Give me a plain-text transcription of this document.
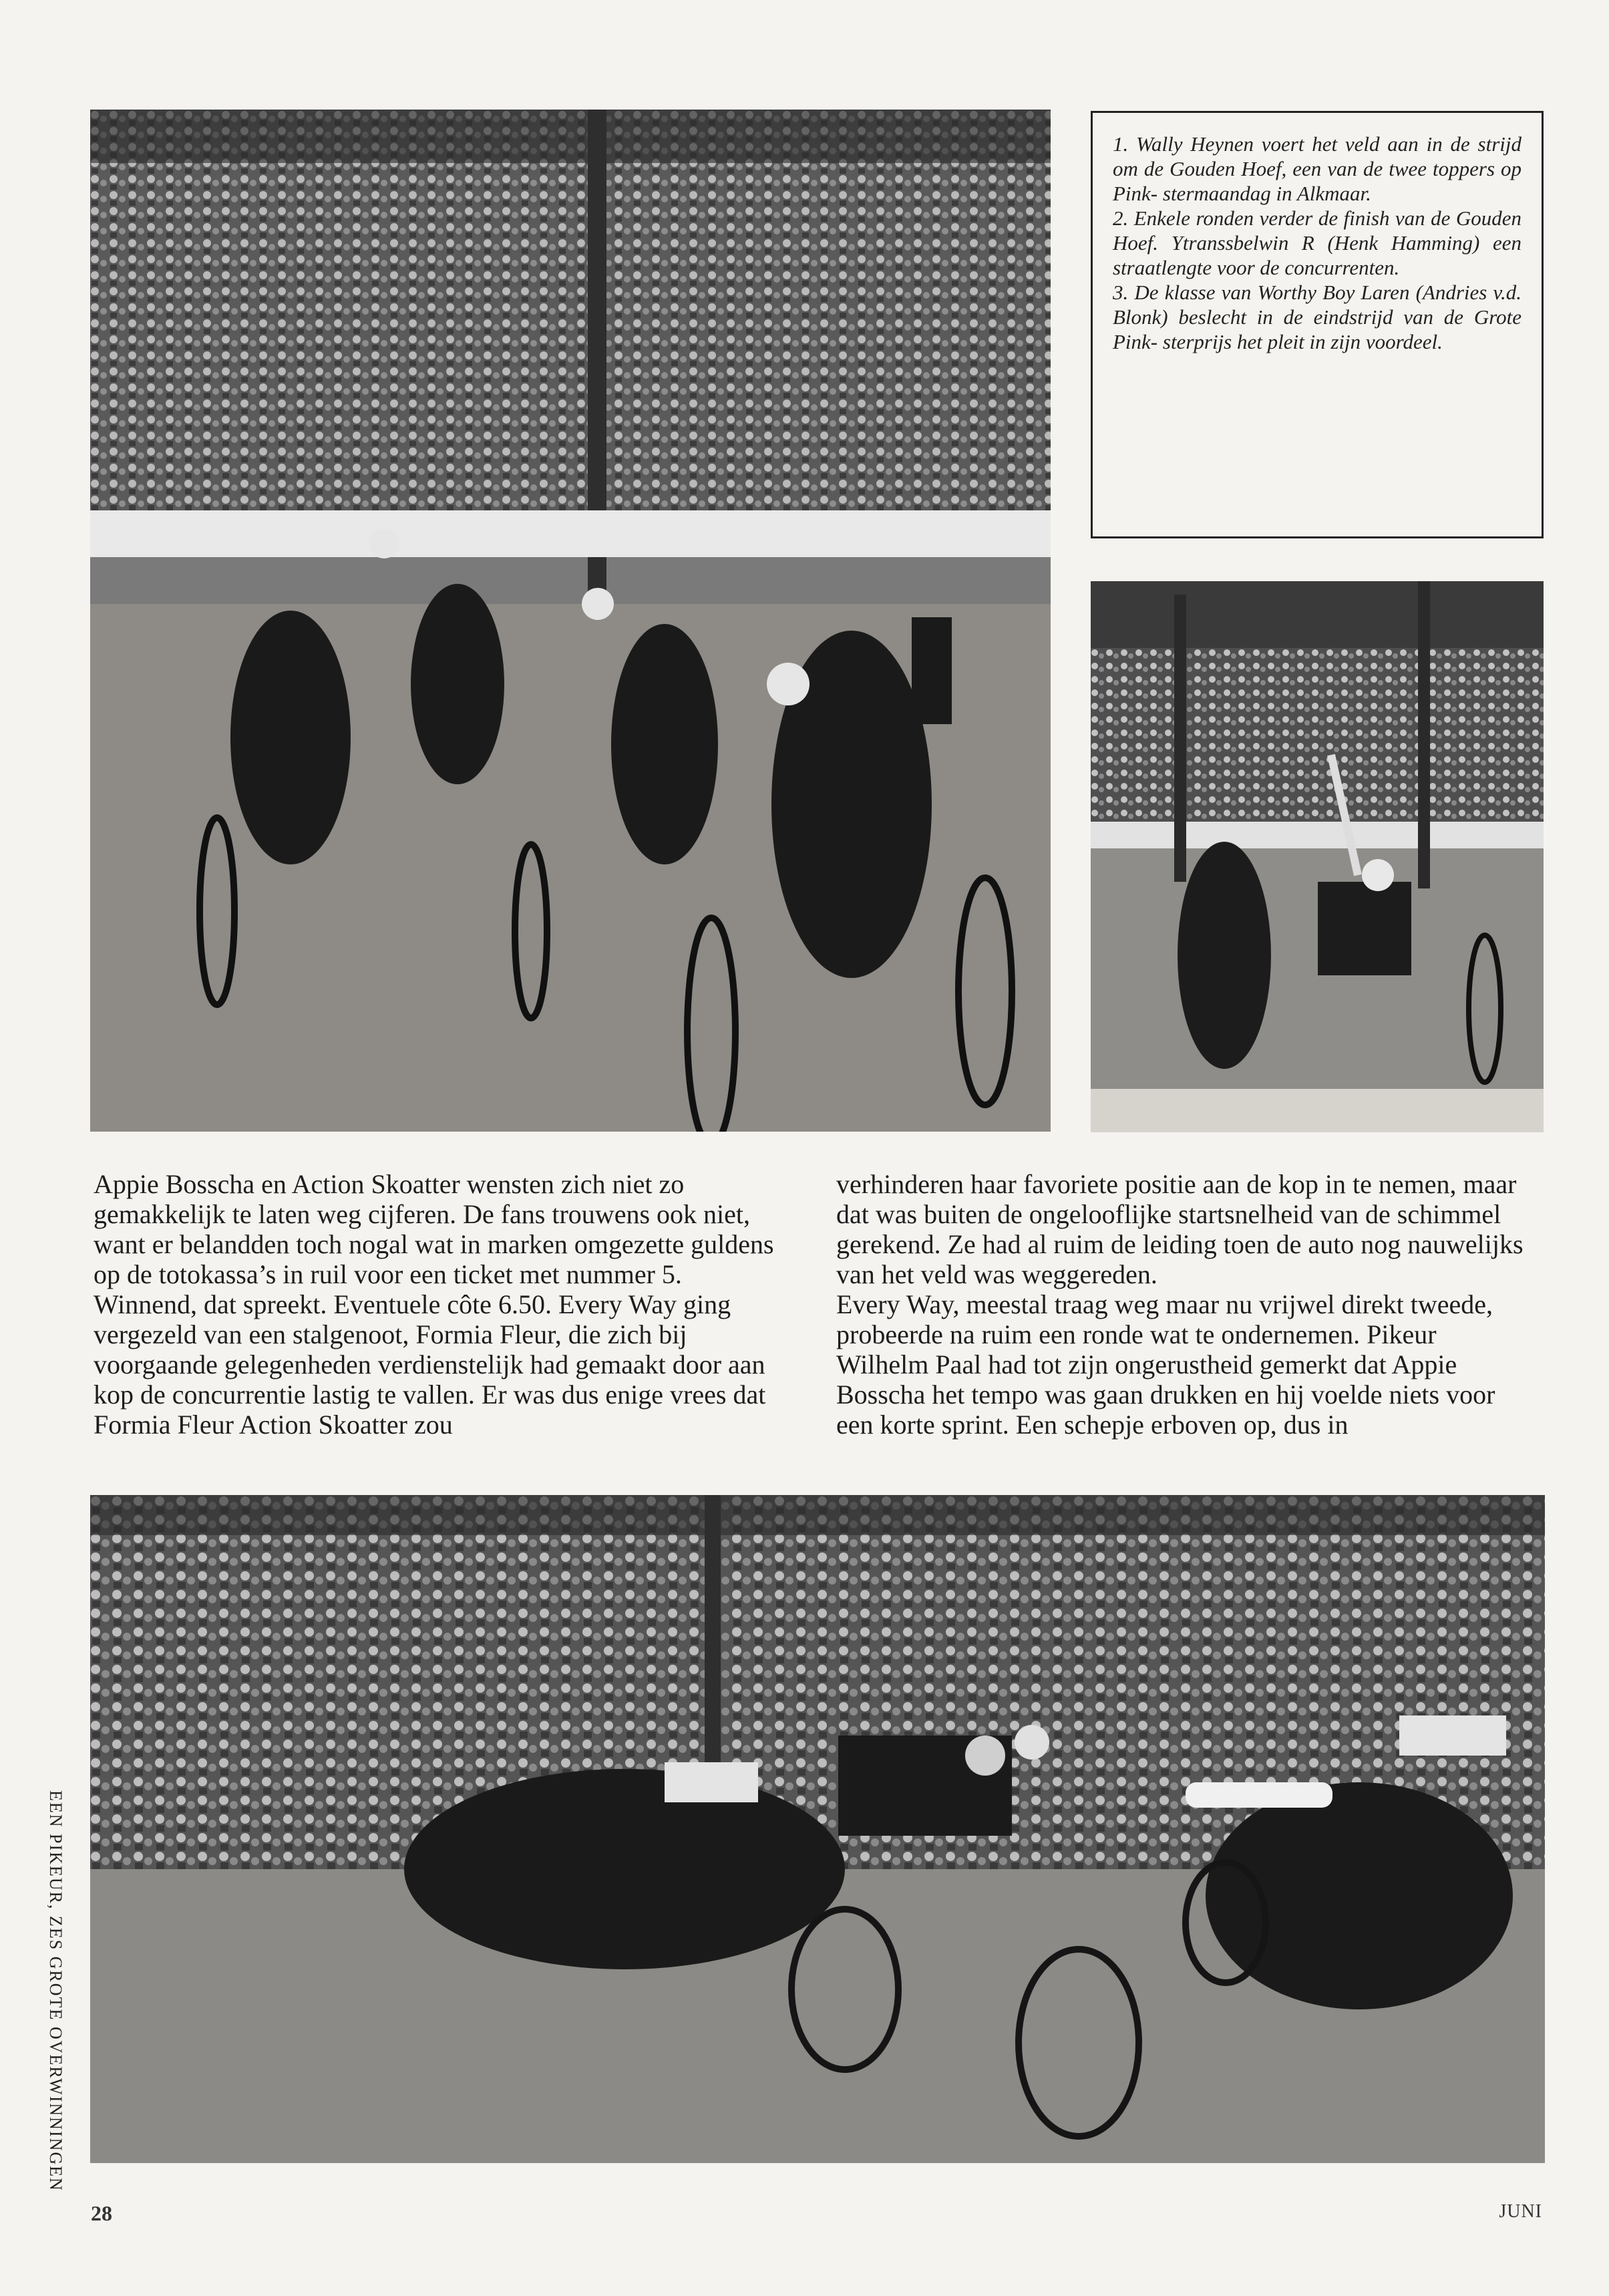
1. Wally Heynen voert het veld aan in de strijd om de Gouden Hoef, een van de twee toppers op Pink- stermaandag in Alkmaar.

2. Enkele ronden verder de finish van de Gouden Hoef. Ytranssbelwin R (Henk Hamming) een straatlengte voor de concurrenten.

3. De klasse van Worthy Boy Laren (Andries v.d. Blonk) beslecht in de eindstrijd van de Grote Pink- sterprijs het pleit in zijn voordeel.

Appie Bosscha en Action Skoatter wensten zich niet zo gemakkelijk te laten weg cijferen. De fans trouwens ook niet, want er belandden toch nogal wat in marken omgezette guldens op de totokassa’s in ruil voor een ticket met nummer 5. Winnend, dat spreekt. Eventuele côte 6.50. Every Way ging vergezeld van een stalgenoot, Formia Fleur, die zich bij voorgaande gelegenheden verdienstelijk had gemaakt door aan kop de concurrentie lastig te vallen. Er was dus enige vrees dat Formia Fleur Action Skoatter zou

verhinderen haar favoriete positie aan de kop in te nemen, maar dat was buiten de ongelooflijke startsnelheid van de schimmel gerekend. Ze had al ruim de leiding toen de auto nog nauwelijks van het veld was weggereden.

Every Way, meestal traag weg maar nu vrijwel direkt tweede, probeerde na ruim een ronde wat te ondernemen. Pikeur Wilhelm Paal had tot zijn ongerustheid gemerkt dat Appie Bosscha het tempo was gaan drukken en hij voelde niets voor een korte sprint. Een schepje erboven op, dus in

EEN PIKEUR, ZES GROTE OVERWINNINGEN
28	JUNI
